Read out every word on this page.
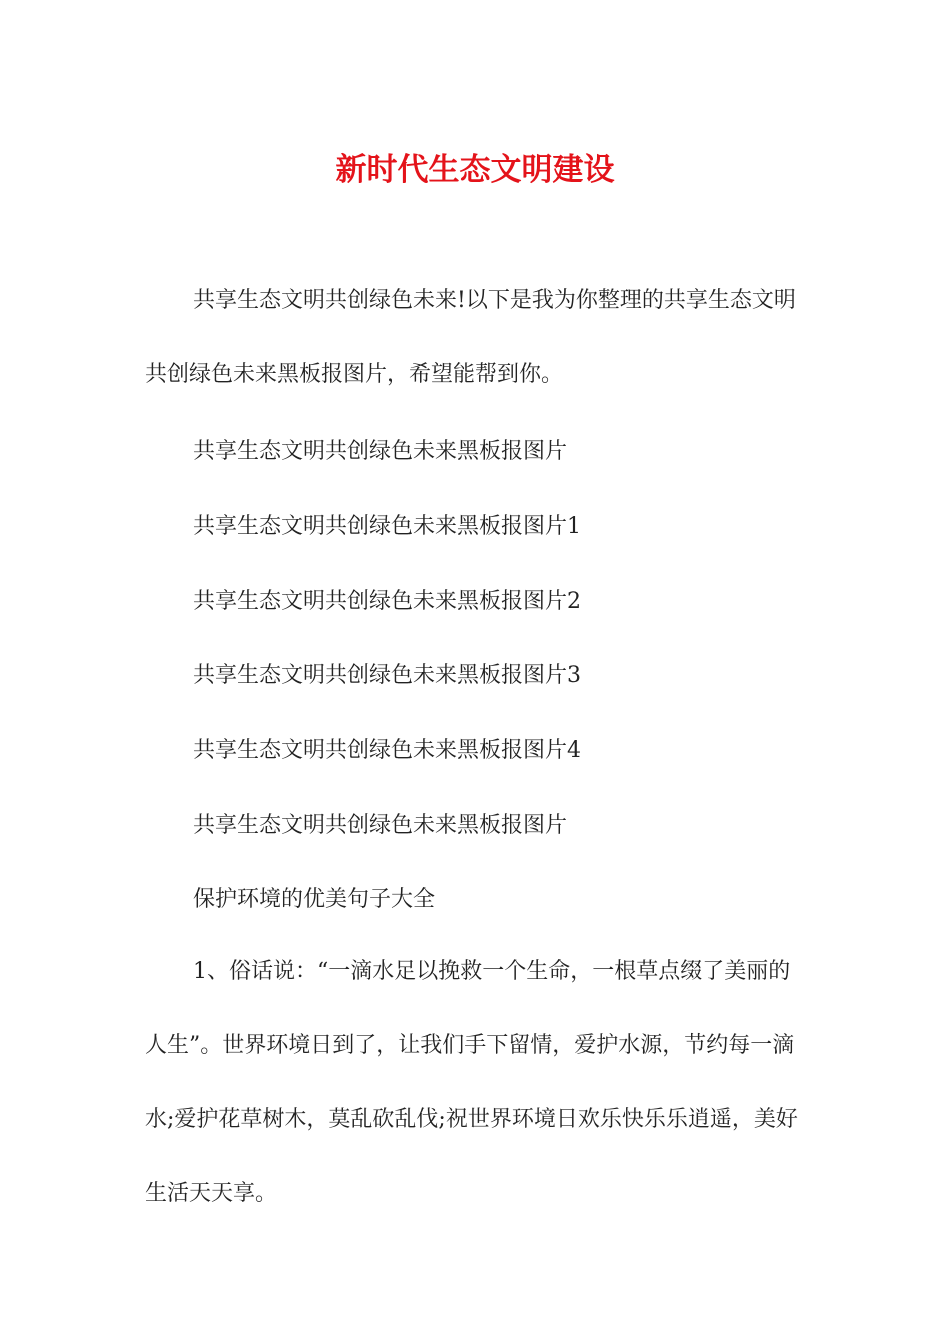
新时代生态文明建设

共享生态文明共创绿色未来!以下是我为你整理的共享生态文明共创绿色未来黑板报图片，希望能帮到你。

共享生态文明共创绿色未来黑板报图片

共享生态文明共创绿色未来黑板报图片1

共享生态文明共创绿色未来黑板报图片2

共享生态文明共创绿色未来黑板报图片3

共享生态文明共创绿色未来黑板报图片4

共享生态文明共创绿色未来黑板报图片

保护环境的优美句子大全

1、俗话说：“一滴水足以挽救一个生命，一根草点缀了美丽的人生”。世界环境日到了，让我们手下留情，爱护水源，节约每一滴水;爱护花草树木，莫乱砍乱伐;祝世界环境日欢乐快乐乐逍遥，美好生活天天享。
